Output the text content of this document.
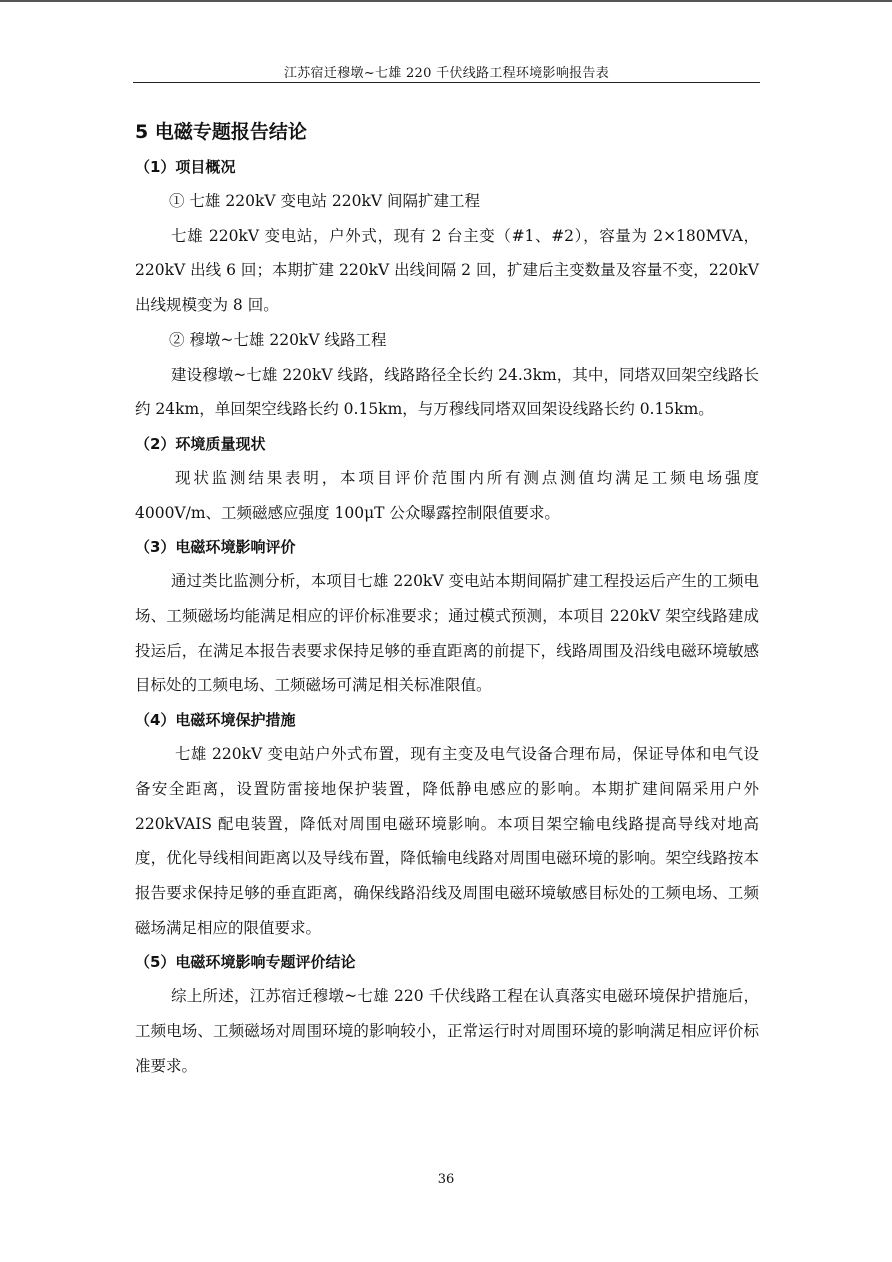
江苏宿迁穆墩~七雄 220 千伏线路工程环境影响报告表
5 电磁专题报告结论
（1）项目概况

① 七雄 220kV 变电站 220kV 间隔扩建工程

七雄 220kV 变电站，户外式，现有 2 台主变（#1、#2），容量为 2×180MVA，220kV 出线 6 回；本期扩建 220kV 出线间隔 2 回，扩建后主变数量及容量不变，220kV 出线规模变为 8 回。

② 穆墩~七雄 220kV 线路工程

建设穆墩~七雄 220kV 线路，线路路径全长约 24.3km，其中，同塔双回架空线路长约 24km，单回架空线路长约 0.15km，与万穆线同塔双回架设线路长约 0.15km。

（2）环境质量现状

现状监测结果表明，本项目评价范围内所有测点测值均满足工频电场强度 4000V/m、工频磁感应强度 100μT 公众曝露控制限值要求。

（3）电磁环境影响评价

通过类比监测分析，本项目七雄 220kV 变电站本期间隔扩建工程投运后产生的工频电场、工频磁场均能满足相应的评价标准要求；通过模式预测，本项目 220kV 架空线路建成投运后，在满足本报告表要求保持足够的垂直距离的前提下，线路周围及沿线电磁环境敏感目标处的工频电场、工频磁场可满足相关标准限值。

（4）电磁环境保护措施

七雄 220kV 变电站户外式布置，现有主变及电气设备合理布局，保证导体和电气设备安全距离，设置防雷接地保护装置，降低静电感应的影响。本期扩建间隔采用户外 220kVAIS 配电装置，降低对周围电磁环境影响。本项目架空输电线路提高导线对地高度，优化导线相间距离以及导线布置，降低输电线路对周围电磁环境的影响。架空线路按本报告要求保持足够的垂直距离，确保线路沿线及周围电磁环境敏感目标处的工频电场、工频磁场满足相应的限值要求。

（5）电磁环境影响专题评价结论

综上所述，江苏宿迁穆墩~七雄 220 千伏线路工程在认真落实电磁环境保护措施后，工频电场、工频磁场对周围环境的影响较小，正常运行时对周围环境的影响满足相应评价标准要求。

36
